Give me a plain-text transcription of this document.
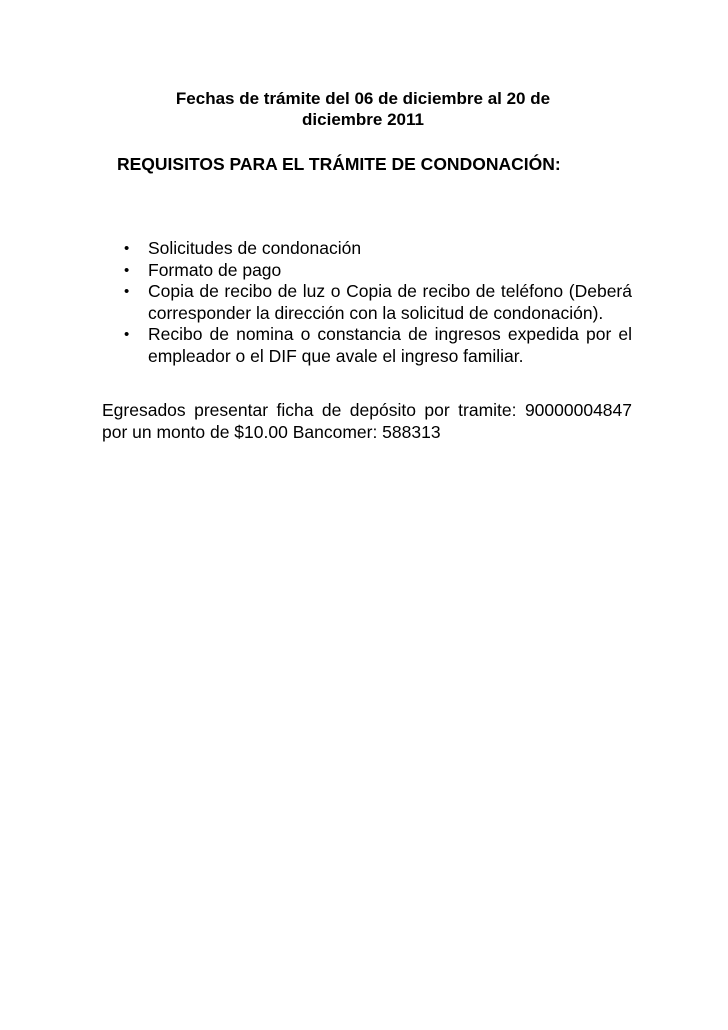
Fechas de trámite del 06 de diciembre al 20 de
diciembre 2011
REQUISITOS PARA EL TRÁMITE DE CONDONACIÓN:
• Solicitudes de condonación
• Formato de pago
• Copia de recibo de luz o Copia de recibo de teléfono (Deberá corresponder la dirección con la solicitud de condonación).
• Recibo de nomina o constancia de ingresos expedida por el empleador o el DIF que avale el ingreso familiar.
Egresados presentar ficha de depósito por tramite: 90000004847 por un monto de $10.00 Bancomer: 588313
